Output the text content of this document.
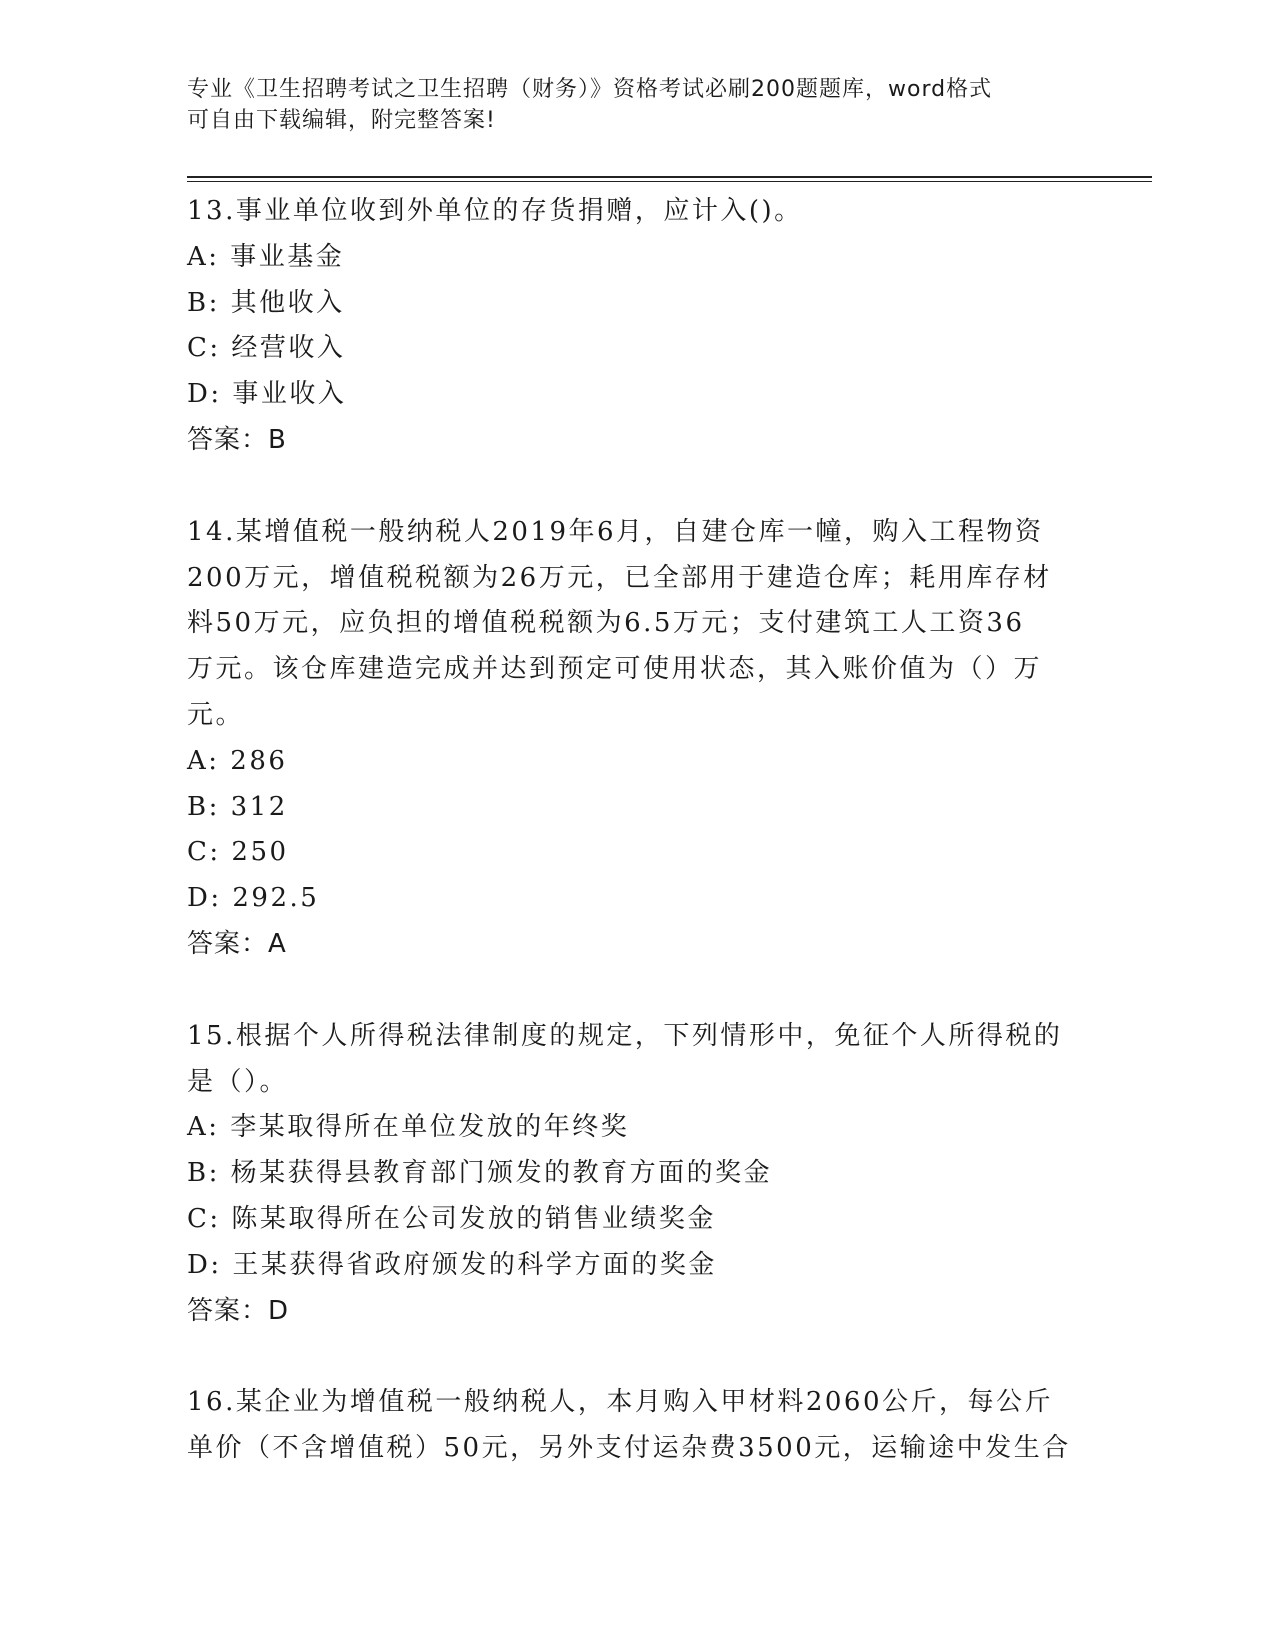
专业《卫生招聘考试之卫生招聘（财务）》资格考试必刷200题题库，word格式
可自由下载编辑，附完整答案!
13.事业单位收到外单位的存货捐赠，应计入()。
A: 事业基金
B: 其他收入
C: 经营收入
D: 事业收入
答案：B
14.某增值税一般纳税人2019年6月，自建仓库一幢，购入工程物资
200万元，增值税税额为26万元，已全部用于建造仓库；耗用库存材
料50万元，应负担的增值税税额为6.5万元；支付建筑工人工资36
万元。该仓库建造完成并达到预定可使用状态，其入账价值为（）万
元。
A: 286
B: 312
C: 250
D: 292.5
答案：A
15.根据个人所得税法律制度的规定，下列情形中，免征个人所得税的
是（）。
A: 李某取得所在单位发放的年终奖
B: 杨某获得县教育部门颁发的教育方面的奖金
C: 陈某取得所在公司发放的销售业绩奖金
D: 王某获得省政府颁发的科学方面的奖金
答案：D
16.某企业为增值税一般纳税人，本月购入甲材料2060公斤，每公斤
单价（不含增值税）50元，另外支付运杂费3500元，运输途中发生合
